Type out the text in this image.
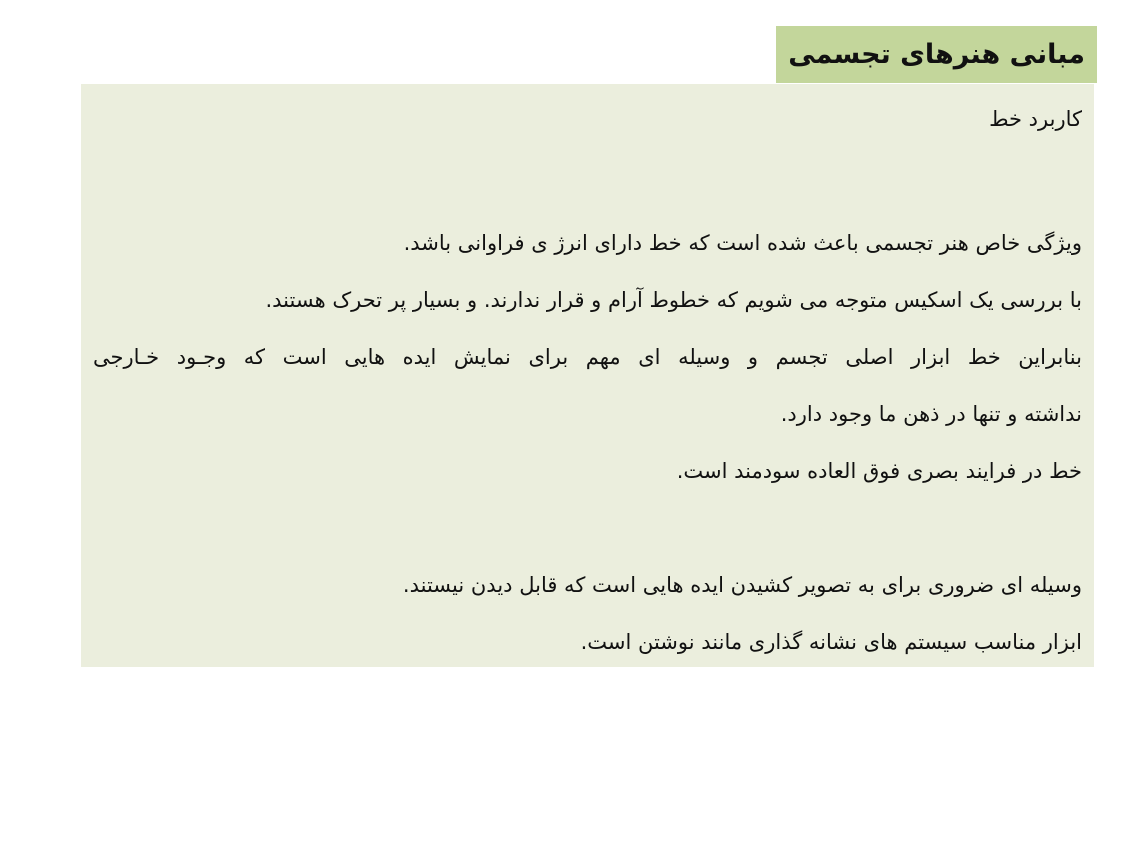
مبانی هنرهای تجسمی
کاربرد خط
ویژگی خاص هنر تجسمی باعث شده است که خط دارای انرژ ی فراوانی باشد.
با بررسی یک اسکیس متوجه می شویم که خطوط آرام و قرار ندارند. و بسیار پر تحرک هستند.
بنابراین خط ابزار اصلی تجسم و وسیله ای مهم برای نمایش ایده هایی است که وجـود خـارجی
نداشته و تنها در ذهن ما وجود دارد.
خط در فرایند بصری فوق العاده سودمند است.
وسیله ای ضروری برای به تصویر کشیدن ایده هایی است که قابل دیدن نیستند.
ابزار مناسب سیستم های نشانه گذاری مانند نوشتن است.
